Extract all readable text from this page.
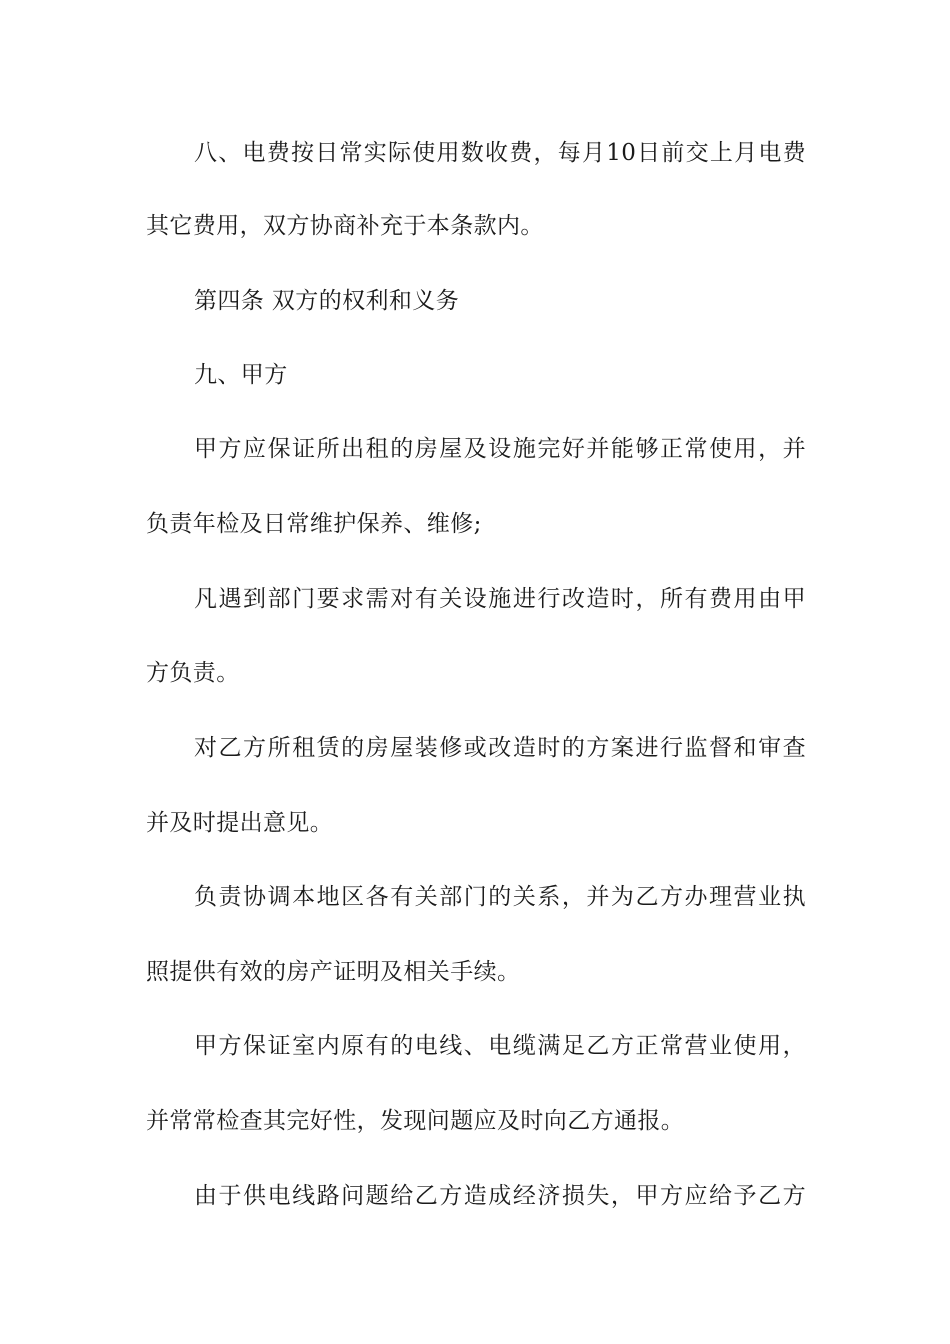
八、电费按日常实际使用数收费，每月10日前交上月电费
其它费用，双方协商补充于本条款内。
第四条 双方的权利和义务
九、甲方
甲方应保证所出租的房屋及设施完好并能够正常使用，并
负责年检及日常维护保养、维修;
凡遇到部门要求需对有关设施进行改造时，所有费用由甲
方负责。
对乙方所租赁的房屋装修或改造时的方案进行监督和审查
并及时提出意见。
负责协调本地区各有关部门的关系，并为乙方办理营业执
照提供有效的房产证明及相关手续。
甲方保证室内原有的电线、电缆满足乙方正常营业使用，
并常常检查其完好性，发现问题应及时向乙方通报。
由于供电线路问题给乙方造成经济损失，甲方应给予乙方
